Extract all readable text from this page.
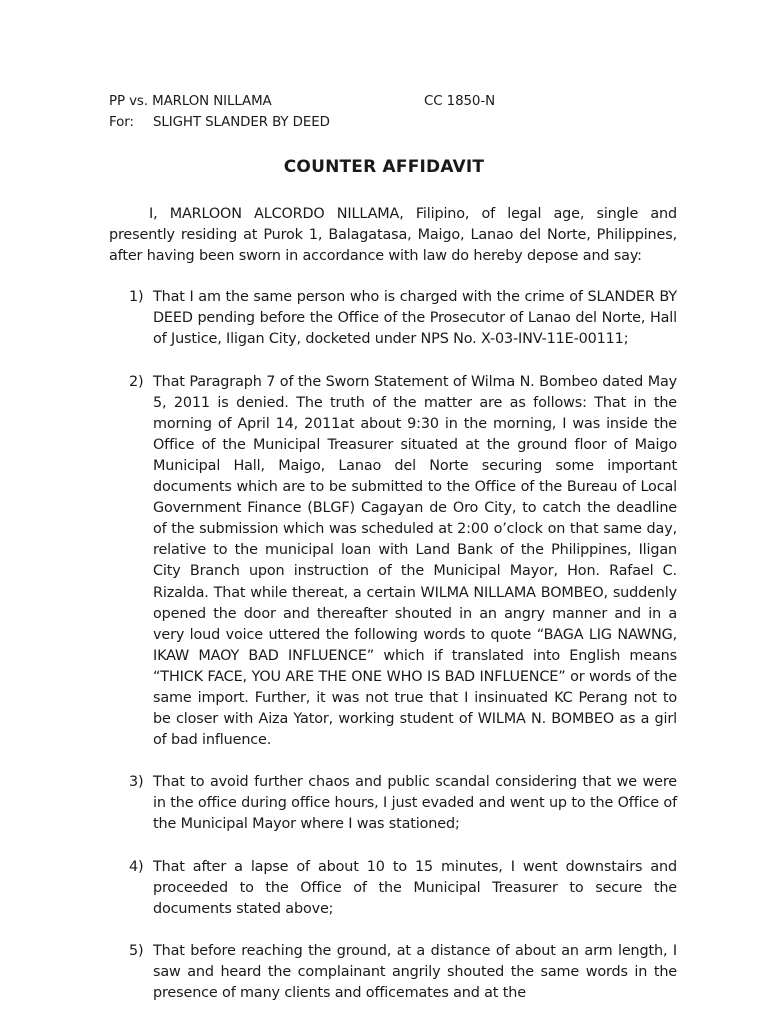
PP vs. MARLON NILLAMA	CC 1850-N
For: SLIGHT SLANDER BY DEED
COUNTER AFFIDAVIT

I, MARLOON ALCORDO NILLAMA, Filipino, of legal age, single and presently residing at Purok 1, Balagatasa, Maigo, Lanao del Norte, Philippines, after having been sworn in accordance with law do hereby depose and say:

1) That I am the same person who is charged with the crime of SLANDER BY DEED pending before the Office of the Prosecutor of Lanao del Norte, Hall of Justice, Iligan City, docketed under NPS No. X-03-INV-11E-00111;
2) That Paragraph 7 of the Sworn Statement of Wilma N. Bombeo dated May 5, 2011 is denied. The truth of the matter are as follows: That in the morning of April 14, 2011at about 9:30 in the morning, I was inside the Office of the Municipal Treasurer situated at the ground floor of Maigo Municipal Hall, Maigo, Lanao del Norte securing some important documents which are to be submitted to the Office of the Bureau of Local Government Finance (BLGF) Cagayan de Oro City, to catch the deadline of the submission which was scheduled at 2:00 o’clock on that same day, relative to the municipal loan with Land Bank of the Philippines, Iligan City Branch upon instruction of the Municipal Mayor, Hon. Rafael C. Rizalda. That while thereat, a certain WILMA NILLAMA BOMBEO, suddenly opened the door and thereafter shouted in an angry manner and in a very loud voice uttered the following words to quote “BAGA LIG NAWNG, IKAW MAOY BAD INFLUENCE” which if translated into English means “THICK FACE, YOU ARE THE ONE WHO IS BAD INFLUENCE” or words of the same import. Further, it was not true that I insinuated KC Perang not to be closer with Aiza Yator, working student of WILMA N. BOMBEO as a girl of bad influence.
3) That to avoid further chaos and public scandal considering that we were in the office during office hours, I just evaded and went up to the Office of the Municipal Mayor where I was stationed;
4) That after a lapse of about 10 to 15 minutes, I went downstairs and proceeded to the Office of the Municipal Treasurer to secure the documents stated above;
5) That before reaching the ground, at a distance of about an arm length, I saw and heard the complainant angrily shouted the same words in the presence of many clients and officemates and at the
